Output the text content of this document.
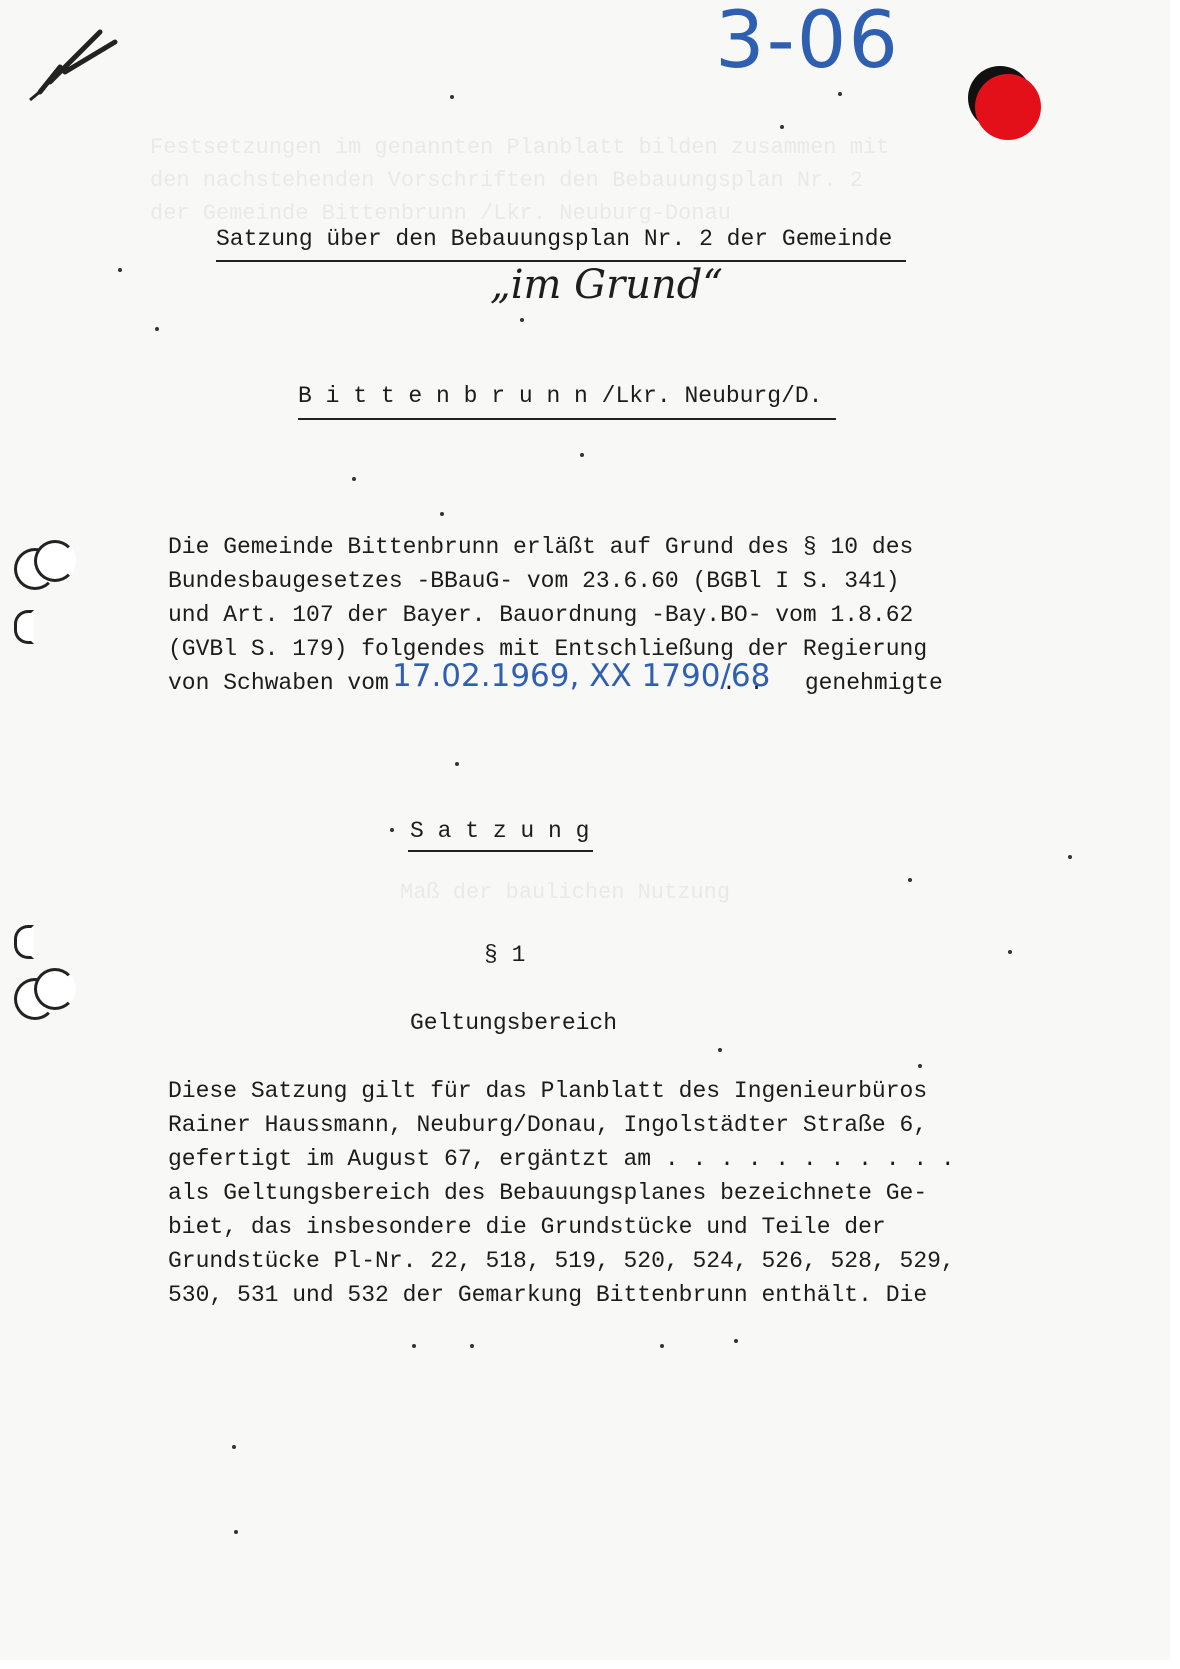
Festsetzungen im genannten Planblatt bilden zusammen mit
den nachstehenden Vorschriften den Bebauungsplan Nr. 2
der Gemeinde Bittenbrunn /Lkr. Neuburg-Donau
Maß der baulichen Nutzung
3-06
Satzung über den Bebauungsplan Nr. 2 der Gemeinde
„im Grund“
B i t t e n b r u n n /Lkr. Neuburg/D.
Die Gemeinde Bittenbrunn erläßt auf Grund des § 10 des
Bundesbaugesetzes -BBauG- vom 23.6.60 (BGBl I S. 341)
und Art. 107 der Bayer. Bauordnung -Bay.BO- vom 1.8.62
(GVBl S. 179) folgendes mit Entschließung der Regierung
von Schwaben vom 17.02.1969, XX 1790/68
. .   genehmigte
S a t z u n g
§ 1
Geltungsbereich
Diese Satzung gilt für das Planblatt des Ingenieurbüros
Rainer Haussmann, Neuburg/Donau, Ingolstädter Straße 6,
gefertigt im August 67, ergäntzt am . . . . . . . . . . .
als Geltungsbereich des Bebauungsplanes bezeichnete Ge-
biet, das insbesondere die Grundstücke und Teile der
Grundstücke Pl-Nr. 22, 518, 519, 520, 524, 526, 528, 529,
530, 531 und 532 der Gemarkung Bittenbrunn enthält. Die
